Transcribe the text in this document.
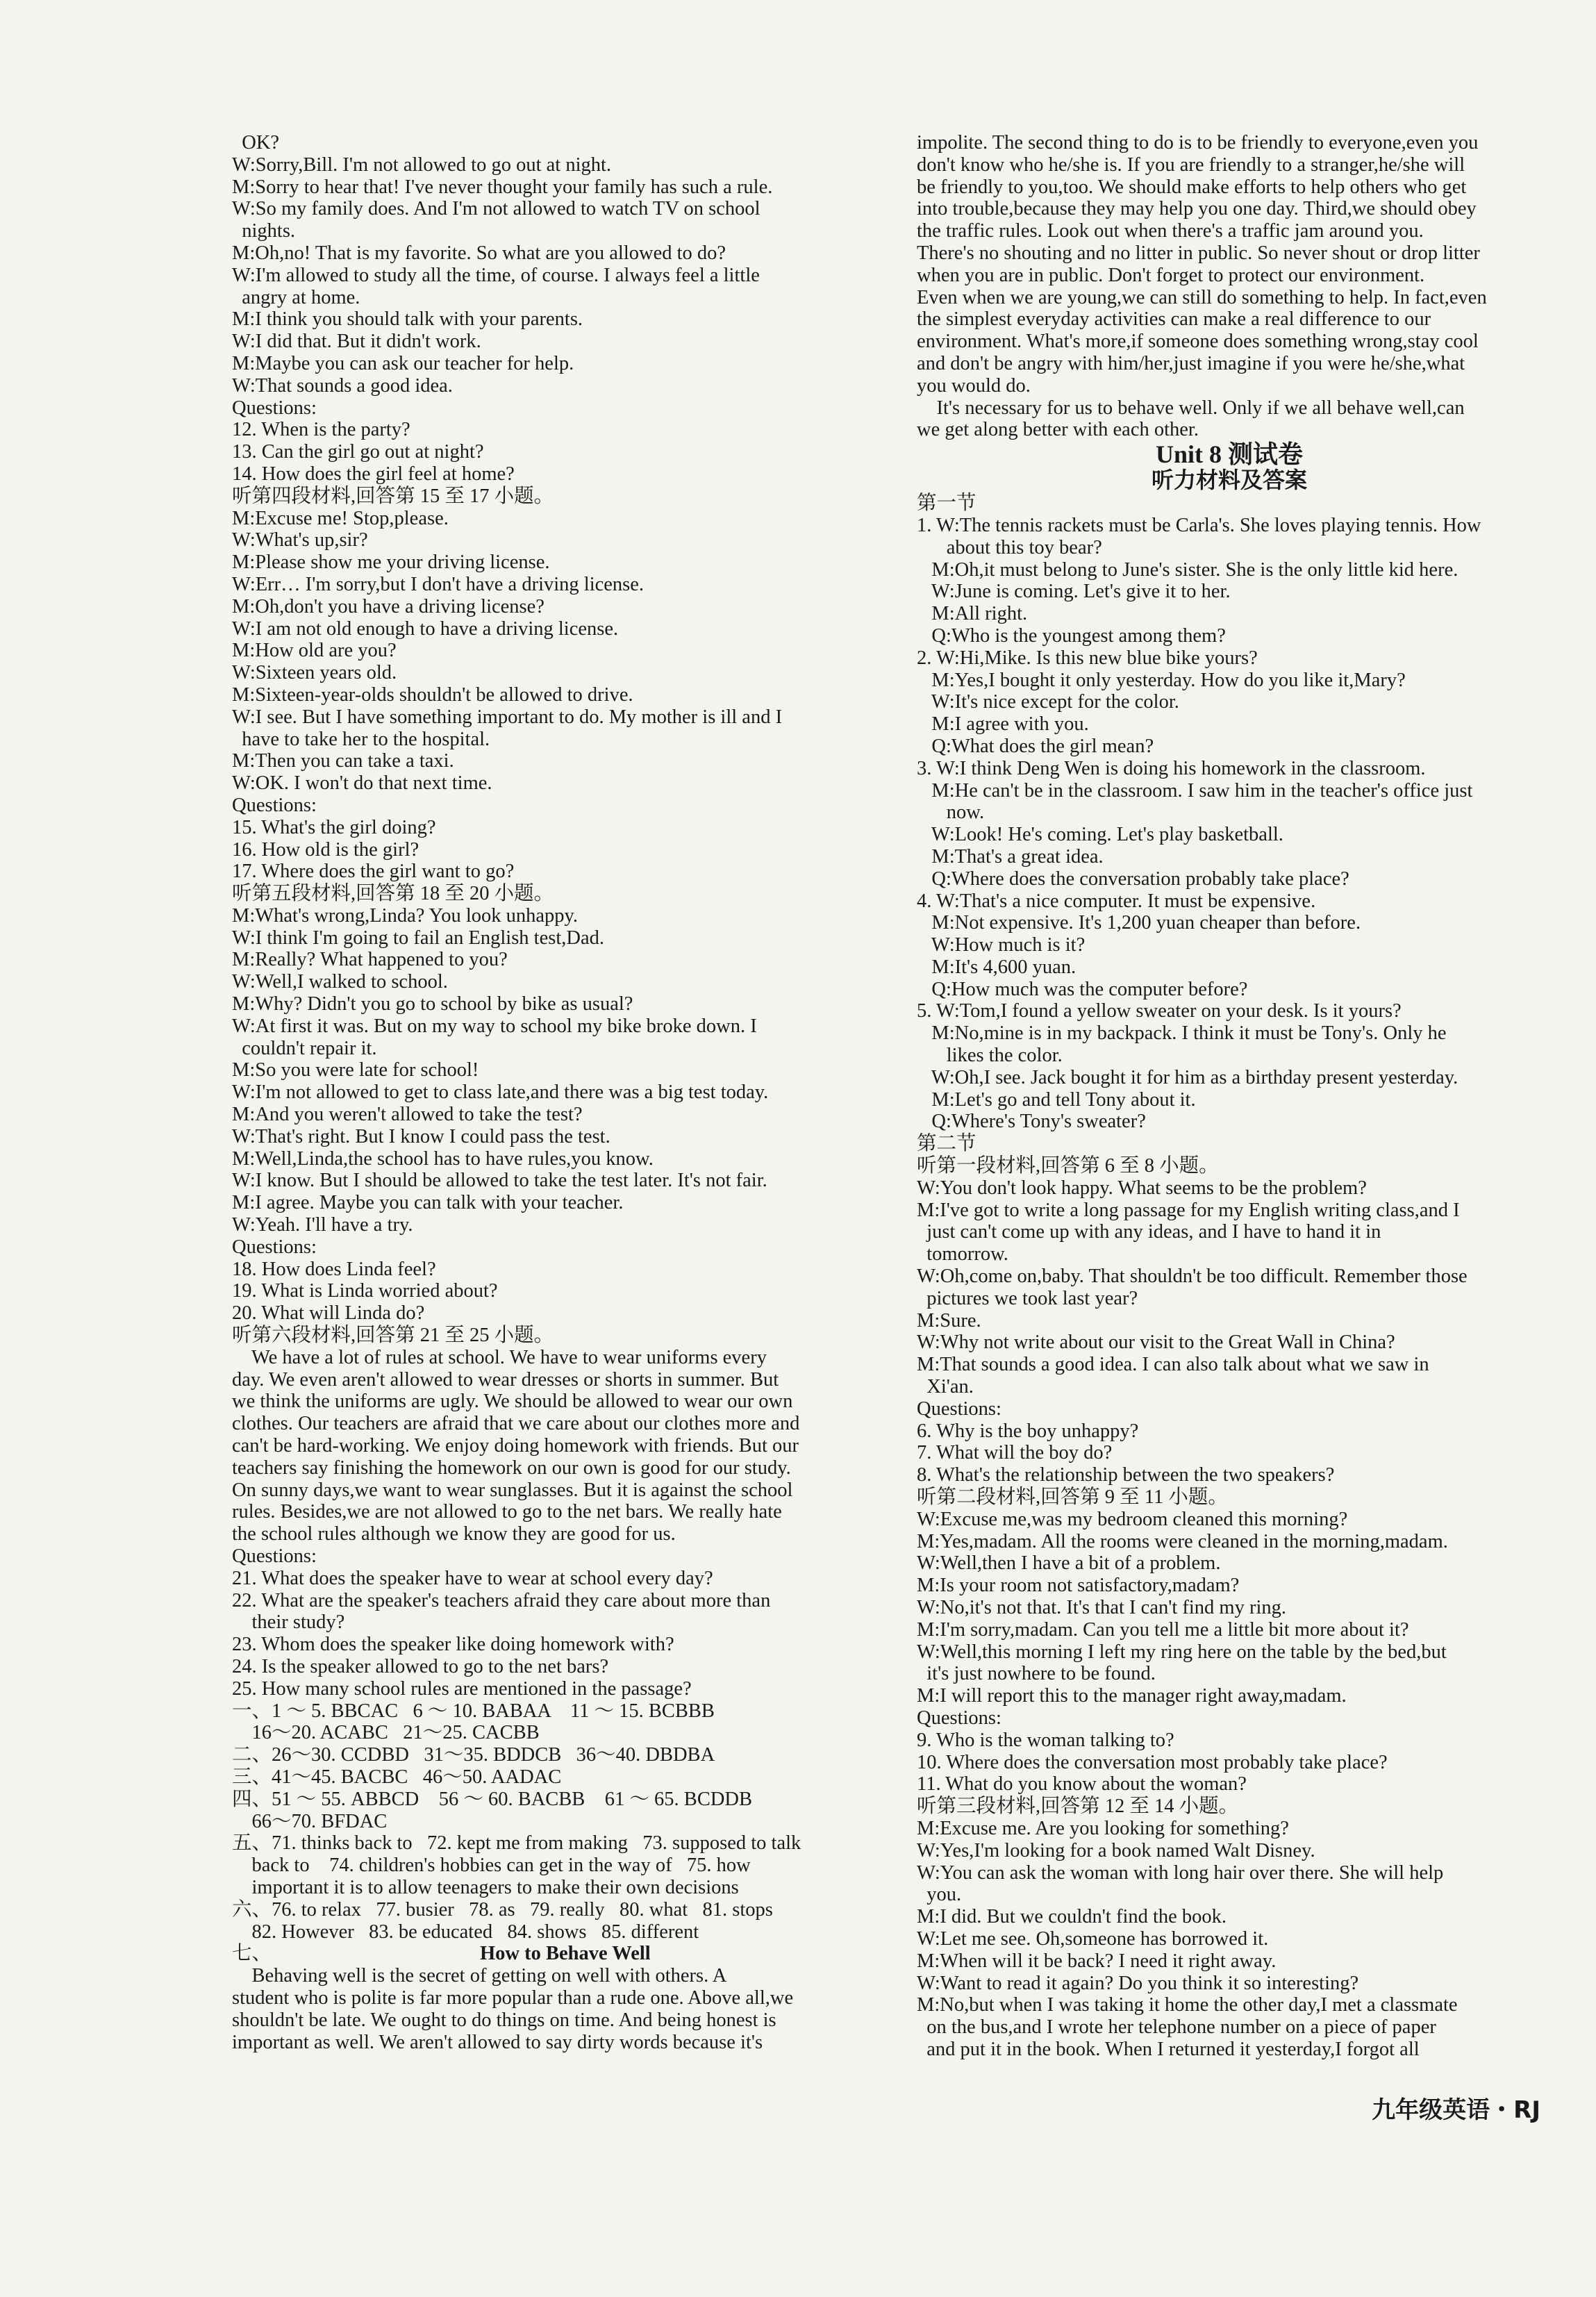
OK?
W:Sorry,Bill. I'm not allowed to go out at night.
M:Sorry to hear that! I've never thought your family has such a rule.
W:So my family does. And I'm not allowed to watch TV on school
nights.
M:Oh,no! That is my favorite. So what are you allowed to do?
W:I'm allowed to study all the time, of course. I always feel a little
angry at home.
M:I think you should talk with your parents.
W:I did that. But it didn't work.
M:Maybe you can ask our teacher for help.
W:That sounds a good idea.
Questions:
12. When is the party?
13. Can the girl go out at night?
14. How does the girl feel at home?
听第四段材料,回答第 15 至 17 小题。
M:Excuse me! Stop,please.
W:What's up,sir?
M:Please show me your driving license.
W:Err… I'm sorry,but I don't have a driving license.
M:Oh,don't you have a driving license?
W:I am not old enough to have a driving license.
M:How old are you?
W:Sixteen years old.
M:Sixteen-year-olds shouldn't be allowed to drive.
W:I see. But I have something important to do. My mother is ill and I
have to take her to the hospital.
M:Then you can take a taxi.
W:OK. I won't do that next time.
Questions:
15. What's the girl doing?
16. How old is the girl?
17. Where does the girl want to go?
听第五段材料,回答第 18 至 20 小题。
M:What's wrong,Linda? You look unhappy.
W:I think I'm going to fail an English test,Dad.
M:Really? What happened to you?
W:Well,I walked to school.
M:Why? Didn't you go to school by bike as usual?
W:At first it was. But on my way to school my bike broke down. I
couldn't repair it.
M:So you were late for school!
W:I'm not allowed to get to class late,and there was a big test today.
M:And you weren't allowed to take the test?
W:That's right. But I know I could pass the test.
M:Well,Linda,the school has to have rules,you know.
W:I know. But I should be allowed to take the test later. It's not fair.
M:I agree. Maybe you can talk with your teacher.
W:Yeah. I'll have a try.
Questions:
18. How does Linda feel?
19. What is Linda worried about?
20. What will Linda do?
听第六段材料,回答第 21 至 25 小题。
We have a lot of rules at school. We have to wear uniforms every
day. We even aren't allowed to wear dresses or shorts in summer. But
we think the uniforms are ugly. We should be allowed to wear our own
clothes. Our teachers are afraid that we care about our clothes more and
can't be hard-working. We enjoy doing homework with friends. But our
teachers say finishing the homework on our own is good for our study.
On sunny days,we want to wear sunglasses. But it is against the school
rules. Besides,we are not allowed to go to the net bars. We really hate
the school rules although we know they are good for us.
Questions:
21. What does the speaker have to wear at school every day?
22. What are the speaker's teachers afraid they care about more than
their study?
23. Whom does the speaker like doing homework with?
24. Is the speaker allowed to go to the net bars?
25. How many school rules are mentioned in the passage?
一、1 ～ 5. BBCAC   6 ～ 10. BABAA    11 ～ 15. BCBBB
16～20. ACABC   21～25. CACBB
二、26～30. CCDBD   31～35. BDDCB   36～40. DBDBA
三、41～45. BACBC   46～50. AADAC
四、51 ～ 55. ABBCD    56 ～ 60. BACBB    61 ～ 65. BCDDB
66～70. BFDAC
五、71. thinks back to   72. kept me from making   73. supposed to talk
back to    74. children's hobbies can get in the way of   75. how
important it is to allow teenagers to make their own decisions
六、76. to relax   77. busier   78. as   79. really   80. what   81. stops
82. However   83. be educated   84. shows   85. different
七、	How to Behave Well
Behaving well is the secret of getting on well with others. A
student who is polite is far more popular than a rude one. Above all,we
shouldn't be late. We ought to do things on time. And being honest is
important as well. We aren't allowed to say dirty words because it's
impolite. The second thing to do is to be friendly to everyone,even you
don't know who he/she is. If you are friendly to a stranger,he/she will
be friendly to you,too. We should make efforts to help others who get
into trouble,because they may help you one day. Third,we should obey
the traffic rules. Look out when there's a traffic jam around you.
There's no shouting and no litter in public. So never shout or drop litter
when you are in public. Don't forget to protect our environment.
Even when we are young,we can still do something to help. In fact,even
the simplest everyday activities can make a real difference to our
environment. What's more,if someone does something wrong,stay cool
and don't be angry with him/her,just imagine if you were he/she,what
you would do.
It's necessary for us to behave well. Only if we all behave well,can
we get along better with each other.
Unit 8 测试卷
听力材料及答案
第一节
1. W:The tennis rackets must be Carla's. She loves playing tennis. How
about this toy bear?
M:Oh,it must belong to June's sister. She is the only little kid here.
W:June is coming. Let's give it to her.
M:All right.
Q:Who is the youngest among them?
2. W:Hi,Mike. Is this new blue bike yours?
M:Yes,I bought it only yesterday. How do you like it,Mary?
W:It's nice except for the color.
M:I agree with you.
Q:What does the girl mean?
3. W:I think Deng Wen is doing his homework in the classroom.
M:He can't be in the classroom. I saw him in the teacher's office just
now.
W:Look! He's coming. Let's play basketball.
M:That's a great idea.
Q:Where does the conversation probably take place?
4. W:That's a nice computer. It must be expensive.
M:Not expensive. It's 1,200 yuan cheaper than before.
W:How much is it?
M:It's 4,600 yuan.
Q:How much was the computer before?
5. W:Tom,I found a yellow sweater on your desk. Is it yours?
M:No,mine is in my backpack. I think it must be Tony's. Only he
likes the color.
W:Oh,I see. Jack bought it for him as a birthday present yesterday.
M:Let's go and tell Tony about it.
Q:Where's Tony's sweater?
第二节
听第一段材料,回答第 6 至 8 小题。
W:You don't look happy. What seems to be the problem?
M:I've got to write a long passage for my English writing class,and I
just can't come up with any ideas, and I have to hand it in
tomorrow.
W:Oh,come on,baby. That shouldn't be too difficult. Remember those
pictures we took last year?
M:Sure.
W:Why not write about our visit to the Great Wall in China?
M:That sounds a good idea. I can also talk about what we saw in
Xi'an.
Questions:
6. Why is the boy unhappy?
7. What will the boy do?
8. What's the relationship between the two speakers?
听第二段材料,回答第 9 至 11 小题。
W:Excuse me,was my bedroom cleaned this morning?
M:Yes,madam. All the rooms were cleaned in the morning,madam.
W:Well,then I have a bit of a problem.
M:Is your room not satisfactory,madam?
W:No,it's not that. It's that I can't find my ring.
M:I'm sorry,madam. Can you tell me a little bit more about it?
W:Well,this morning I left my ring here on the table by the bed,but
it's just nowhere to be found.
M:I will report this to the manager right away,madam.
Questions:
9. Who is the woman talking to?
10. Where does the conversation most probably take place?
11. What do you know about the woman?
听第三段材料,回答第 12 至 14 小题。
M:Excuse me. Are you looking for something?
W:Yes,I'm looking for a book named Walt Disney.
W:You can ask the woman with long hair over there. She will help
you.
M:I did. But we couldn't find the book.
W:Let me see. Oh,someone has borrowed it.
M:When will it be back? I need it right away.
W:Want to read it again? Do you think it so interesting?
M:No,but when I was taking it home the other day,I met a classmate
on the bus,and I wrote her telephone number on a piece of paper
and put it in the book. When I returned it yesterday,I forgot all
九年级英语・RJ
